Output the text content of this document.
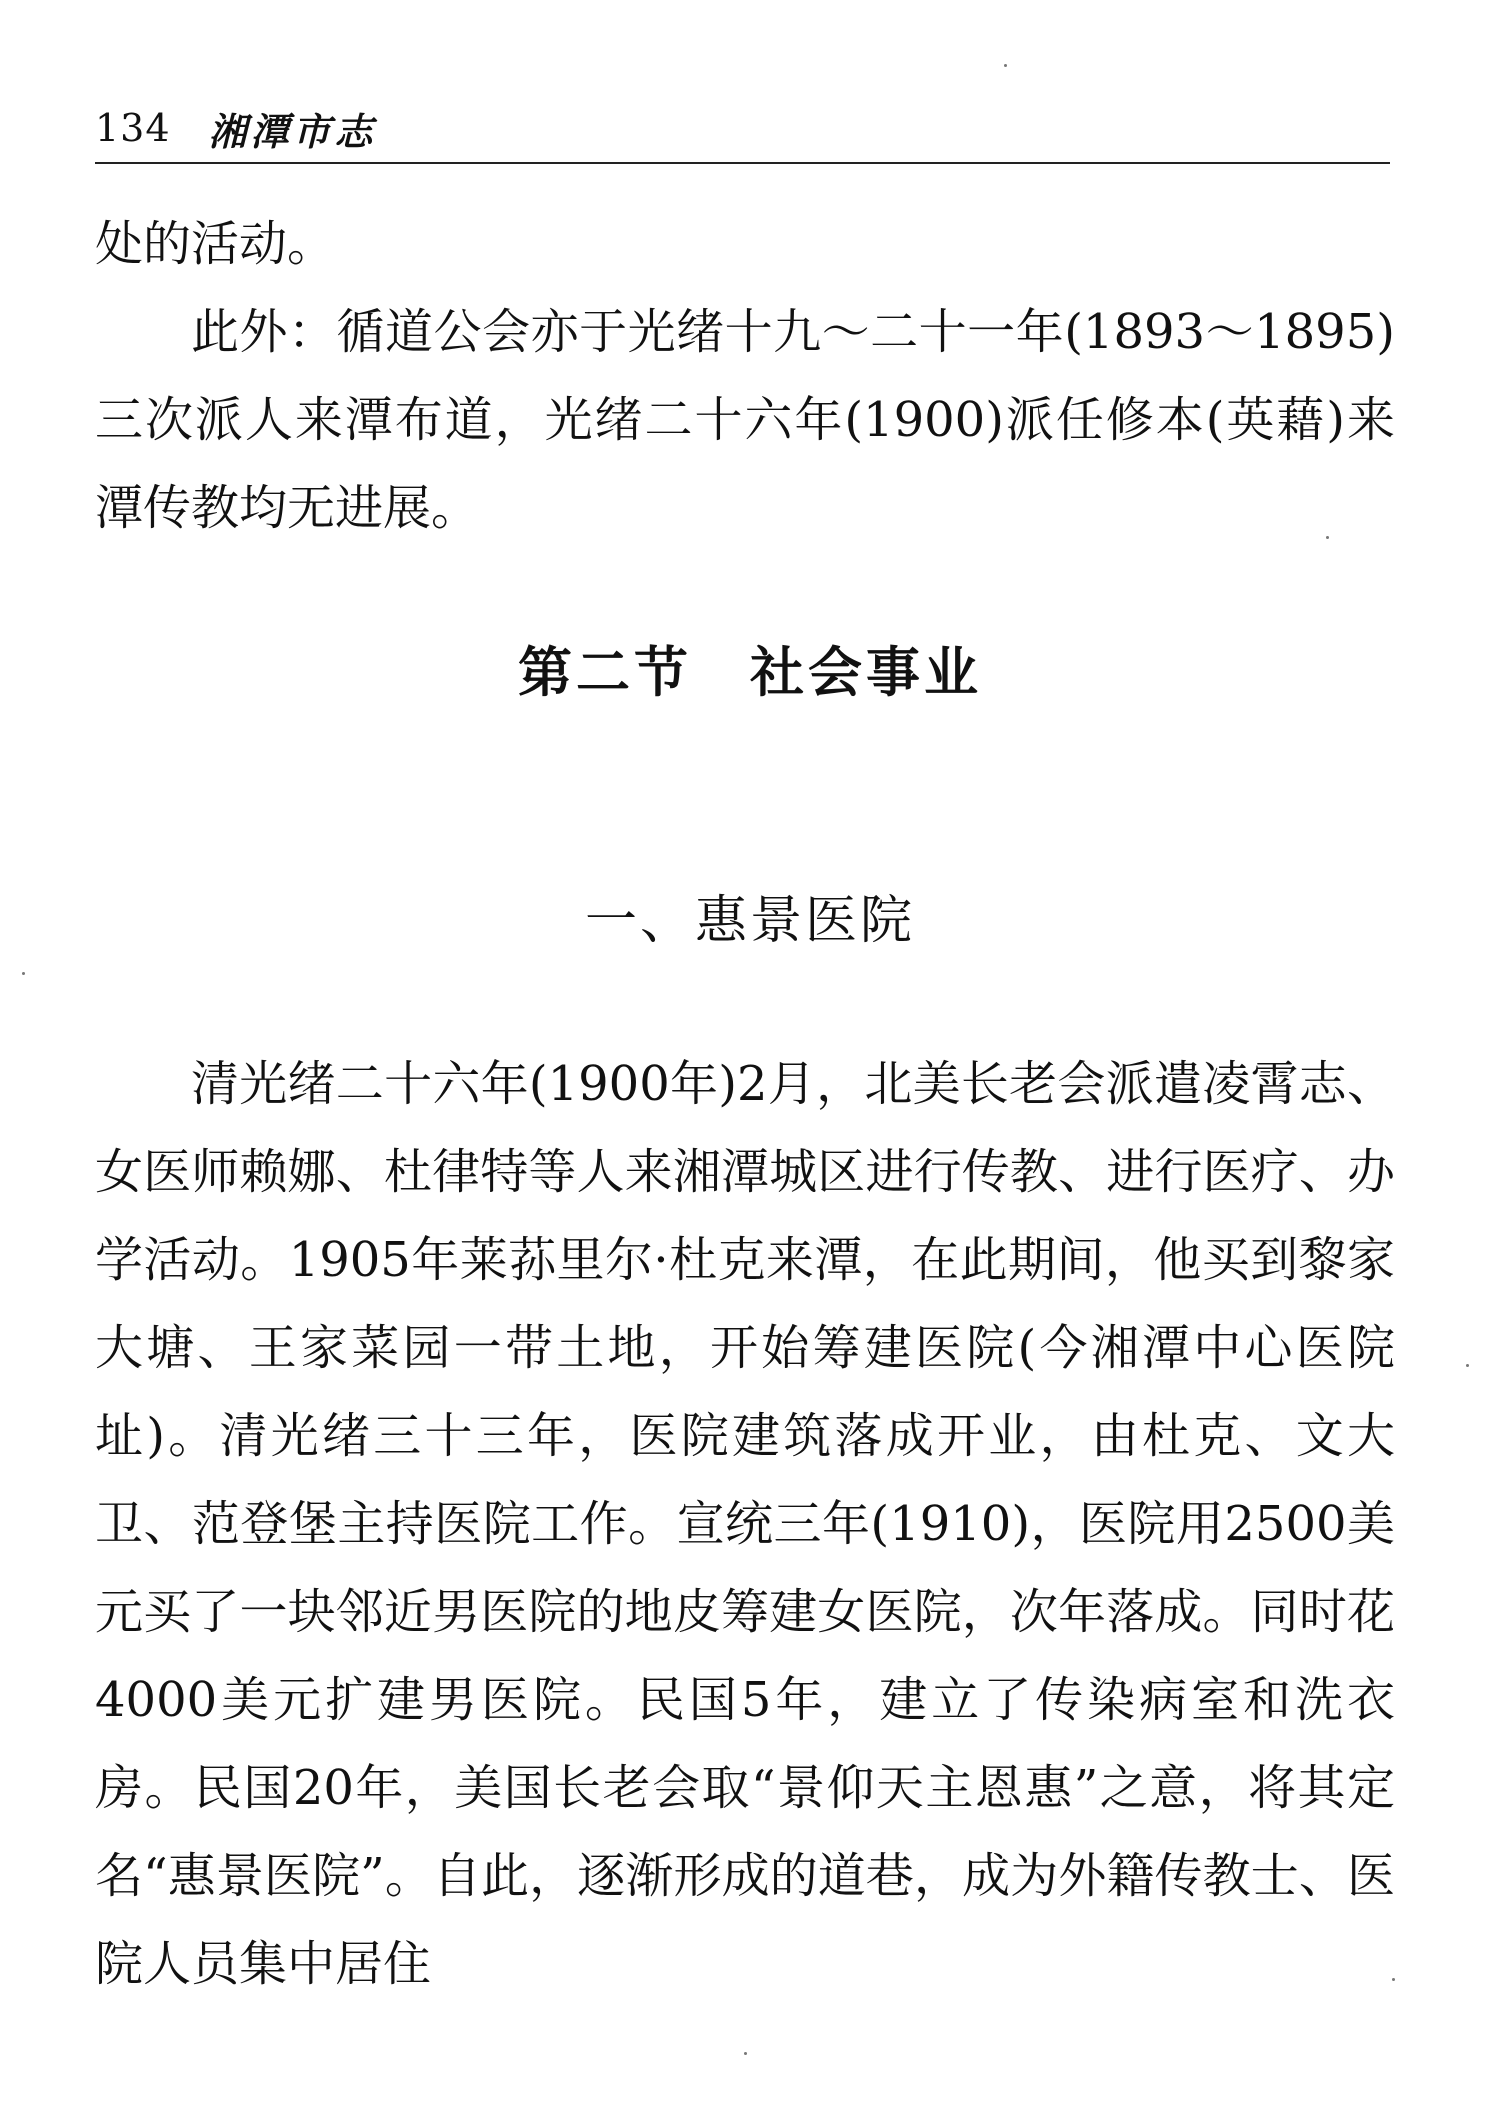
134 湘潭市志

处的活动。

此外：循道公会亦于光绪十九～二十一年(1893～1895)三次派人来潭布道，光绪二十六年(1900)派任修本(英藉)来潭传教均无进展。

第二节　社会事业
一、惠景医院

清光绪二十六年(1900年)2月，北美长老会派遣凌霄志、女医师赖娜、杜律特等人来湘潭城区进行传教、进行医疗、办学活动。1905年莱荪里尔·杜克来潭，在此期间，他买到黎家大塘、王家菜园一带土地，开始筹建医院(今湘潭中心医院址)。清光绪三十三年，医院建筑落成开业，由杜克、文大卫、范登堡主持医院工作。宣统三年(1910)，医院用2500美元买了一块邻近男医院的地皮筹建女医院，次年落成。同时花4000美元扩建男医院。民国5年，建立了传染病室和洗衣房。民国20年，美国长老会取“景仰天主恩惠”之意，将其定名“惠景医院”。自此，逐渐形成的道巷，成为外籍传教士、医院人员集中居住
